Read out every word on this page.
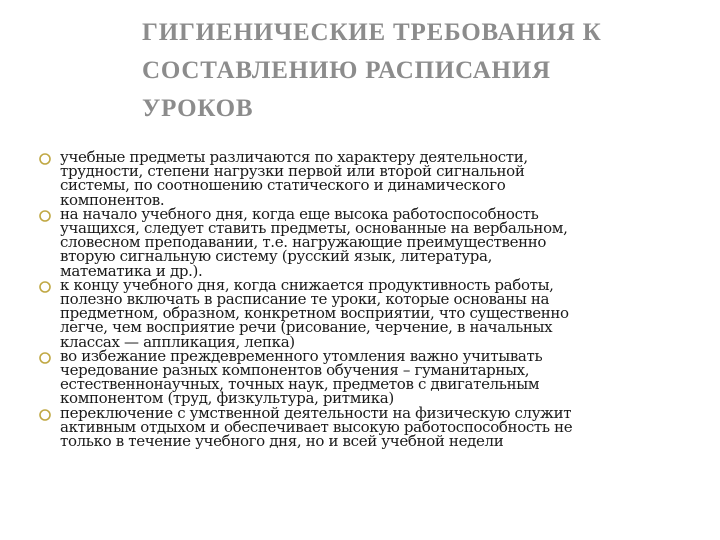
ГИГИЕНИЧЕСКИЕ ТРЕБОВАНИЯ К
СОСТАВЛЕНИЮ РАСПИСАНИЯ
УРОКОВ
учебные предметы различаются по характеру деятельности,
трудности, степени нагрузки первой или второй сигнальной
системы, по соотношению статического и динамического
компонентов.
на начало учебного дня, когда еще высока работоспособность
учащихся, следует ставить предметы, основанные на вербальном,
словесном преподавании, т.е. нагружающие преимущественно
вторую сигнальную систему (русский язык, литература,
математика и др.).
к концу учебного дня, когда снижается продуктивность работы,
полезно включать в расписание те уроки, которые основаны на
предметном, образном, конкретном восприятии, что существенно
легче, чем восприятие речи (рисование, черчение, в начальных
классах — аппликация, лепка)
во избежание преждевременного утомления важно учитывать
чередование разных компонентов обучения – гуманитарных,
естественнонаучных, точных наук, предметов с двигательным
компонентом (труд, физкультура, ритмика)
переключение с умственной деятельности на физическую служит
активным отдыхом и обеспечивает высокую работоспособность не
только в течение учебного дня, но и всей учебной недели
